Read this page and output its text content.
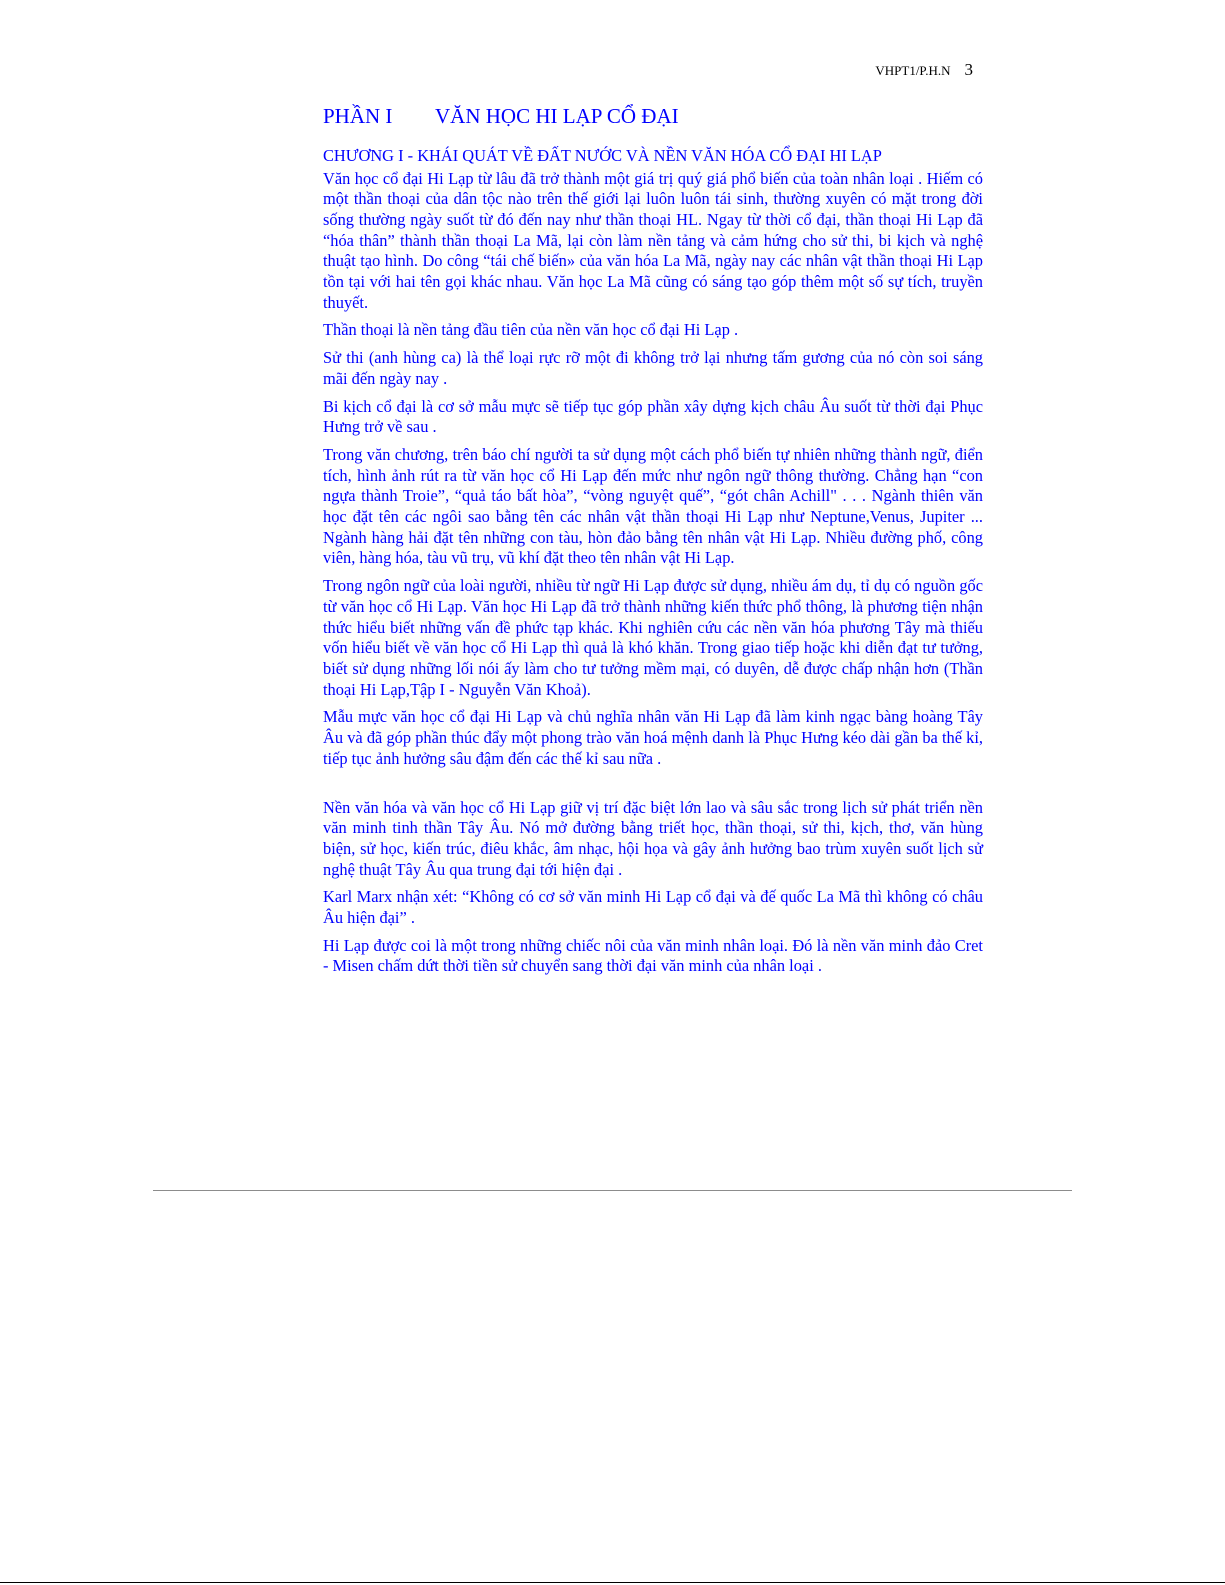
VHPT1/P.H.N 3
PHẦN I	VĂN HỌC HI LẠP CỔ ĐẠI
CHƯƠNG I - KHÁI QUÁT VỀ ĐẤT NƯỚC VÀ NỀN VĂN HÓA CỔ ĐẠI HI LẠP

Văn học cổ đại Hi Lạp từ lâu đã trở thành một giá trị quý giá phổ biến của toàn nhân loại . Hiếm có một thần thoại của dân tộc nào trên thế giới lại luôn luôn tái sinh, thường xuyên có mặt trong đời sống thường ngày suốt từ đó đến nay như thần thoại HL. Ngay từ thời cổ đại, thần thoại Hi Lạp đã “hóa thân” thành thần thoại La Mã, lại còn làm nền tảng và cảm hứng cho sử thi, bi kịch và nghệ thuật tạo hình. Do công “tái chế biến» của văn hóa La Mã, ngày nay các nhân vật thần thoại Hi Lạp tồn tại với hai tên gọi khác nhau. Văn học La Mã cũng có sáng tạo góp thêm một số sự tích, truyền thuyết.

Thần thoại là nền tảng đầu tiên của nền văn học cổ đại Hi Lạp .

Sử thi (anh hùng ca) là thể loại rực rỡ một đi không trở lại nhưng tấm gương của nó còn soi sáng mãi đến ngày nay .

Bi kịch cổ đại là cơ sở mẫu mực sẽ tiếp tục góp phần xây dựng kịch châu Âu suốt từ thời đại Phục Hưng trở về sau .

Trong văn chương, trên báo chí người ta sử dụng một cách phổ biến tự nhiên những thành ngữ, điển tích, hình ảnh rút ra từ văn học cổ Hi Lạp đến mức như ngôn ngữ thông thường. Chẳng hạn “con ngựa thành Troie”, “quả táo bất hòa”, “vòng nguyệt quế”, “gót chân Achill" . . . Ngành thiên văn học đặt tên các ngôi sao bằng tên các nhân vật thần thoại Hi Lạp như Neptune,Venus, Jupiter ... Ngành hàng hải đặt tên những con tàu, hòn đảo bằng tên nhân vật Hi Lạp. Nhiều đường phố, công viên, hàng hóa, tàu vũ trụ, vũ khí đặt theo tên nhân vật Hi Lạp.

Trong ngôn ngữ của loài người, nhiều từ ngữ Hi Lạp được sử dụng, nhiều ám dụ, tỉ dụ có nguồn gốc từ văn học cổ Hi Lạp. Văn học Hi Lạp đã trở thành những kiến thức phổ thông, là phương tiện nhận thức hiểu biết những vấn đề phức tạp khác. Khi nghiên cứu các nền văn hóa phương Tây mà thiếu vốn hiểu biết về văn học cổ Hi Lạp thì quả là khó khăn. Trong giao tiếp hoặc khi diễn đạt tư tưởng, biết sử dụng những lối nói ấy làm cho tư tưởng mềm mại, có duyên, dễ được chấp nhận hơn (Thần thoại Hi Lạp,Tập I - Nguyễn Văn Khoả).

Mẫu mực văn học cổ đại Hi Lạp và chủ nghĩa nhân văn Hi Lạp đã làm kinh ngạc bàng hoàng Tây Âu và đã góp phần thúc đẩy một phong trào văn hoá mệnh danh là Phục Hưng kéo dài gần ba thế kỉ, tiếp tục ảnh hưởng sâu đậm đến các thế kỉ sau nữa .

Nền văn hóa và văn học cổ Hi Lạp giữ vị trí đặc biệt lớn lao và sâu sắc trong lịch sử phát triển nền văn minh tinh thần Tây Âu. Nó mở đường bằng triết học, thần thoại, sử thi, kịch, thơ, văn hùng biện, sử học, kiến trúc, điêu khắc, âm nhạc, hội họa và gây ảnh hưởng bao trùm xuyên suốt lịch sử nghệ thuật Tây Âu qua trung đại tới hiện đại .

Karl Marx nhận xét: “Không có cơ sở văn minh Hi Lạp cổ đại và đế quốc La Mã thì không có châu Âu hiện đại” .

Hi Lạp được coi là một trong những chiếc nôi của văn minh nhân loại. Đó là nền văn minh đảo Cret - Misen chấm dứt thời tiền sử chuyển sang thời đại văn minh của nhân loại .
